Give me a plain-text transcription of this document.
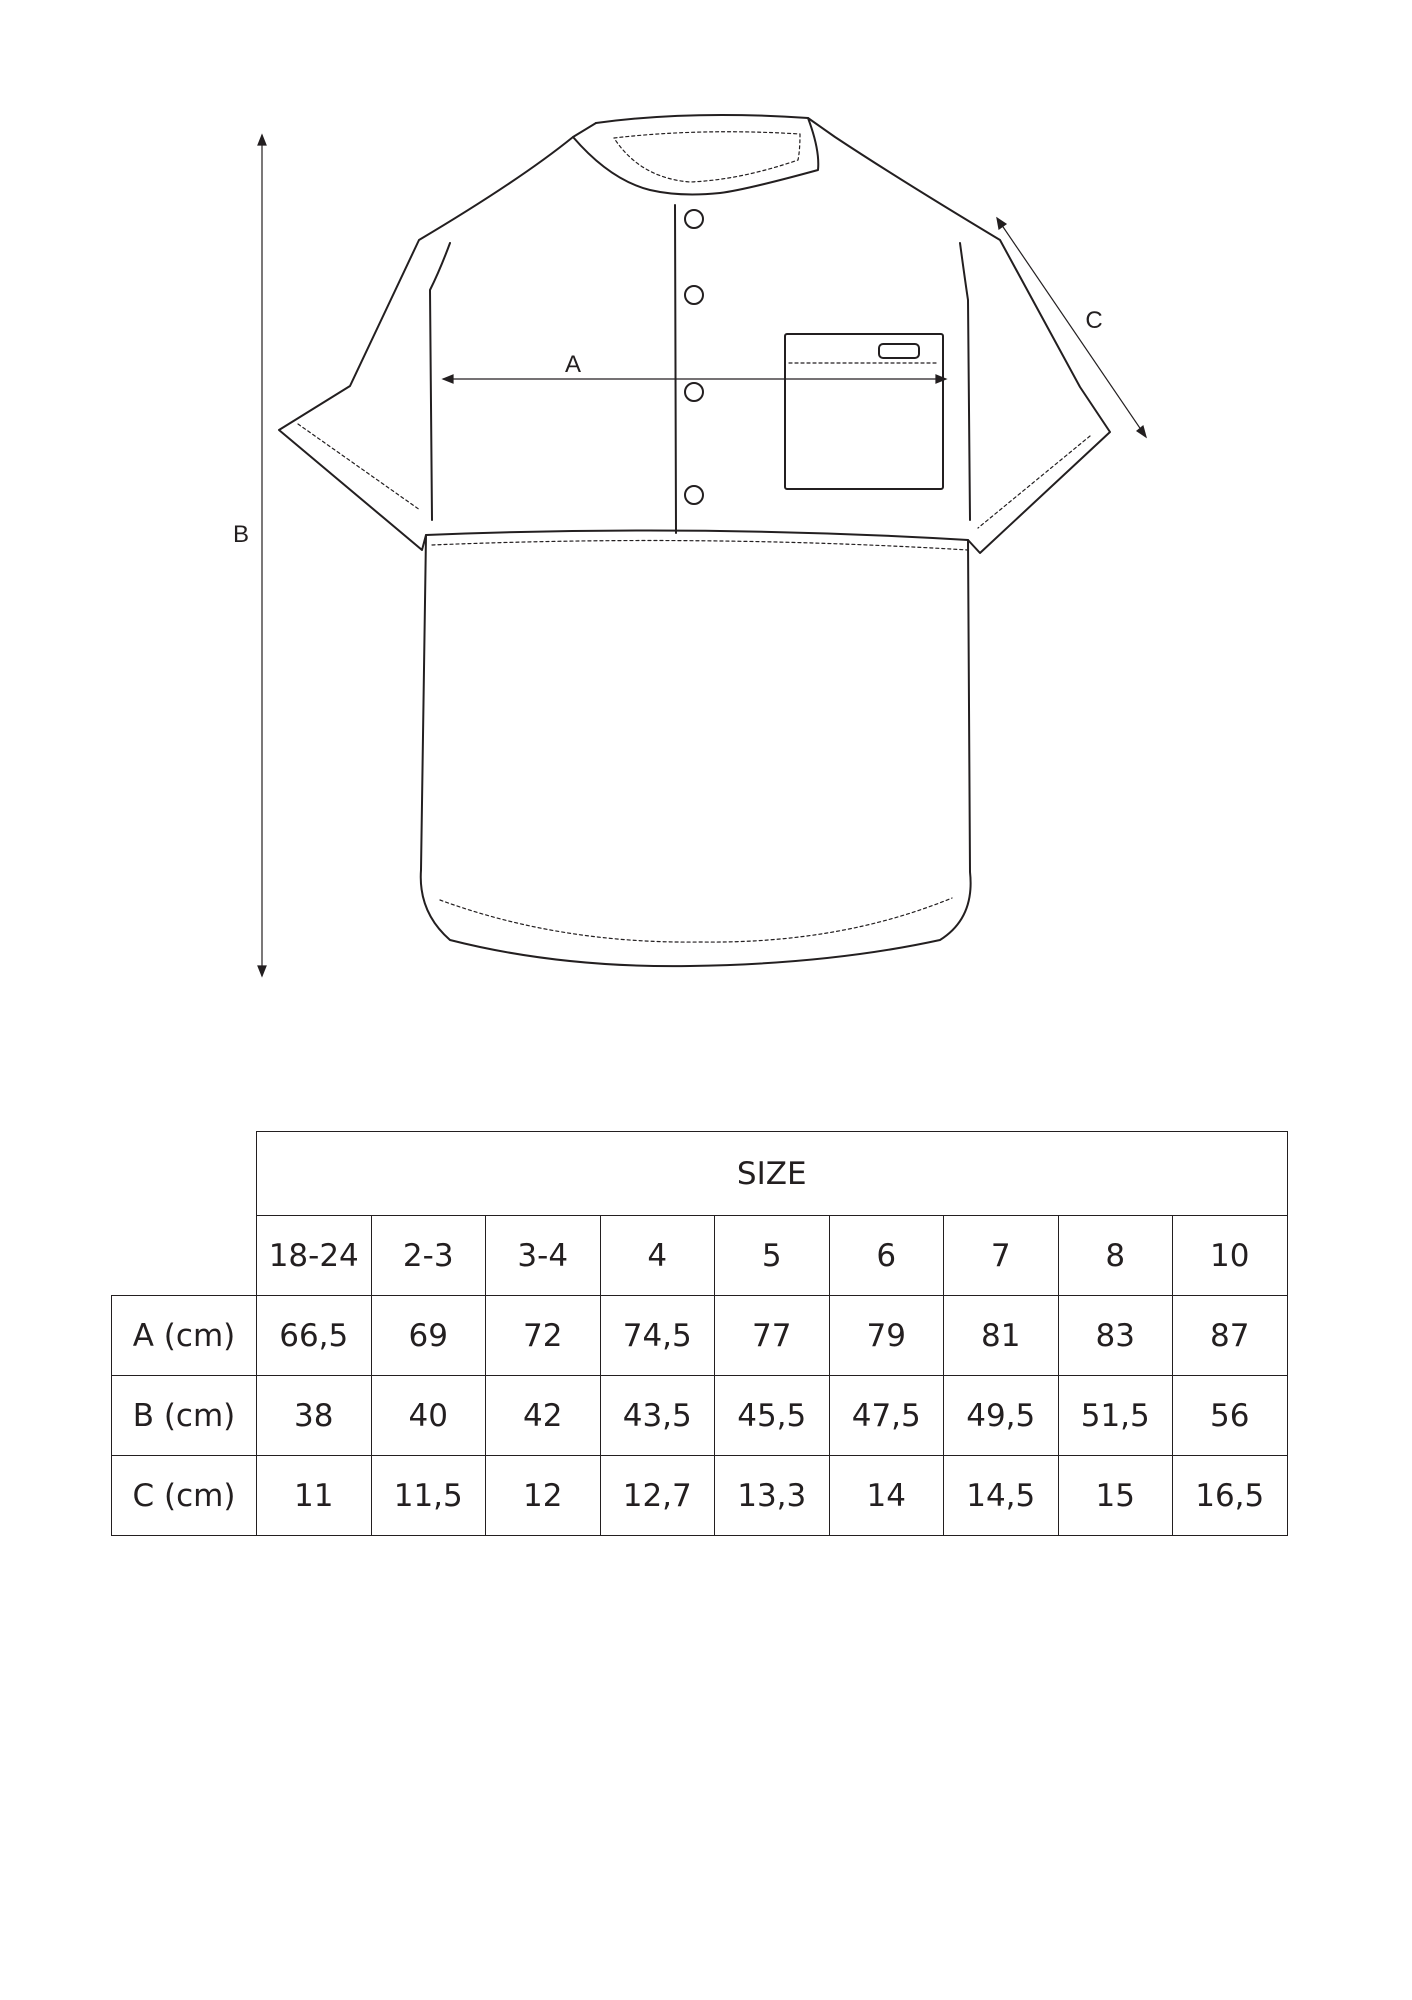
A
B
C
	SIZE								
	18-24	2-3	3-4	4	5	6	7	8	10
A (cm)	66,5	69	72	74,5	77	79	81	83	87
B (cm)	38	40	42	43,5	45,5	47,5	49,5	51,5	56
C (cm)	11	11,5	12	12,7	13,3	14	14,5	15	16,5
